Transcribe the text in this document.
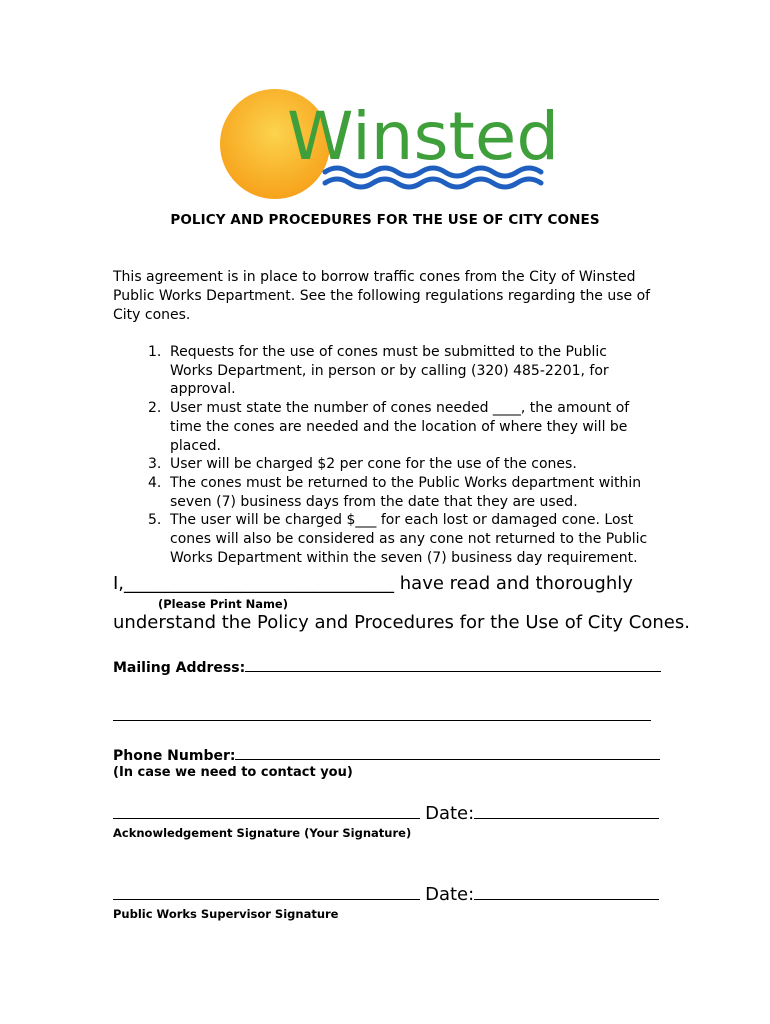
Winsted
POLICY AND PROCEDURES FOR THE USE OF CITY CONES
This agreement is in place to borrow traffic cones from the City of Winsted Public Works Department. See the following regulations regarding the use of City cones.
1. Requests for the use of cones must be submitted to the Public Works Department, in person or by calling (320) 485-2201, for approval.
2. User must state the number of cones needed ____, the amount of time the cones are needed and the location of where they will be placed.
3. User will be charged $2 per cone for the use of the cones.
4. The cones must be returned to the Public Works department within seven (7) business days from the date that they are used.
5. The user will be charged $___ for each lost or damaged cone. Lost cones will also be considered as any cone not returned to the Public Works Department within the seven (7) business day requirement.
I,______________________________ have read and thoroughly
(Please Print Name)
understand the Policy and Procedures for the Use of City Cones.
Mailing Address:
Phone Number:
(In case we need to contact you)
Date:
Acknowledgement Signature (Your Signature)
Date:
Public Works Supervisor Signature
